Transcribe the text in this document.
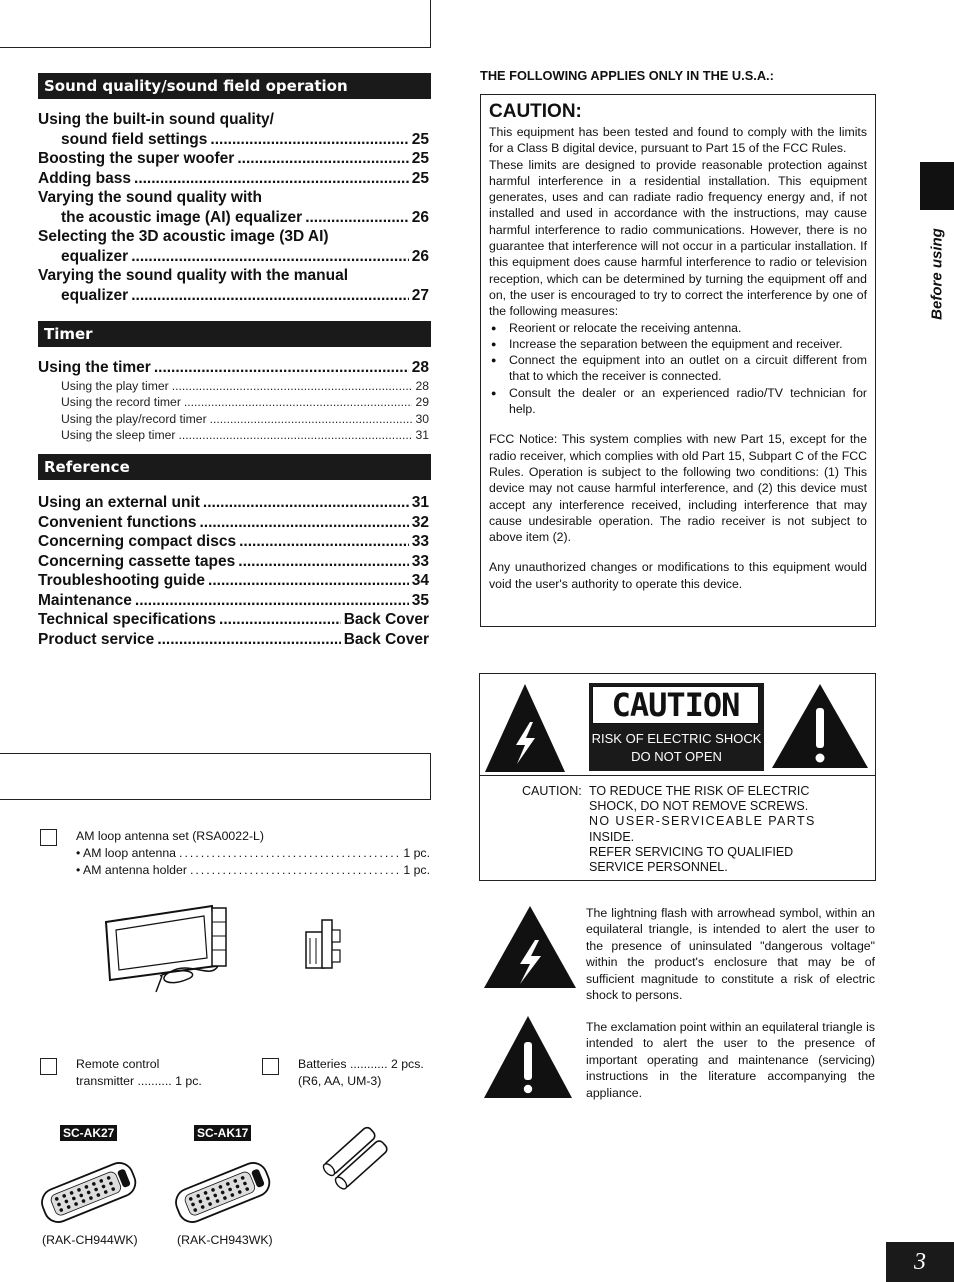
Sound quality/sound field operation
Using the built-in sound quality/
sound field settings .....	25
Boosting the super woofer .....	25
Adding bass .....	25
Varying the sound quality with
the acoustic image (AI) equalizer .....	26
Selecting the 3D acoustic image (3D AI)
equalizer .....	26
Varying the sound quality with the manual
equalizer .....	27
Timer
Using the timer .....	28
Using the play timer .....	28
Using the record timer .....	29
Using the play/record timer .....	30
Using the sleep timer .....	31
Reference
Using an external unit .....	31
Convenient functions .....	32
Concerning compact discs .....	33
Concerning cassette tapes .....	33
Troubleshooting guide .....	34
Maintenance .....	35
Technical specifications .....	Back Cover
Product service .....	Back Cover
THE FOLLOWING APPLIES ONLY IN THE U.S.A.:
CAUTION:

This equipment has been tested and found to comply with the limits for a Class B digital device, pursuant to Part 15 of the FCC Rules.

These limits are designed to provide reasonable protection against harmful interference in a residential installation. This equipment generates, uses and can radiate radio frequency energy and, if not installed and used in accordance with the instructions, may cause harmful interference to radio communications. However, there is no guarantee that interference will not occur in a particular installation. If this equipment does cause harmful interference to radio or television reception, which can be determined by turning the equipment off and on, the user is encouraged to try to correct the interference by one of the following measures:

● Reorient or relocate the receiving antenna.
● Increase the separation between the equipment and receiver.
● Connect the equipment into an outlet on a circuit different from that to which the receiver is connected.
● Consult the dealer or an experienced radio/TV technician for help.

FCC Notice: This system complies with new Part 15, except for the radio receiver, which complies with old Part 15, Subpart C of the FCC Rules. Operation is subject to the following two conditions: (1) This device may not cause harmful interference, and (2) this device must accept any interference received, including interference that may cause undesirable operation. The radio receiver is not subject to above item (2).

Any unauthorized changes or modifications to this equipment would void the user's authority to operate this device.

Before using
CAUTION
RISK OF ELECTRIC SHOCK
DO NOT OPEN
CAUTION: TO REDUCE THE RISK OF ELECTRIC
SHOCK, DO NOT REMOVE SCREWS.
NO USER-SERVICEABLE PARTS
INSIDE.
REFER SERVICING TO QUALIFIED
SERVICE PERSONNEL.
The lightning flash with arrowhead symbol, within an equilateral triangle, is intended to alert the user to the presence of uninsulated "dangerous voltage" within the product's enclosure that may be of sufficient magnitude to constitute a risk of electric shock to persons.
The exclamation point within an equilateral triangle is intended to alert the user to the presence of important operating and maintenance (servicing) instructions in the literature accompanying the appliance.
AM loop antenna set (RSA0022-L)
• AM loop antenna .....	1 pc.
• AM antenna holder .....	1 pc.
Remote control
transmitter .......... 1 pc.
Batteries ........... 2 pcs.
(R6, AA, UM-3)
SC-AK27	SC-AK17
(RAK-CH944WK)	(RAK-CH943WK)
3
